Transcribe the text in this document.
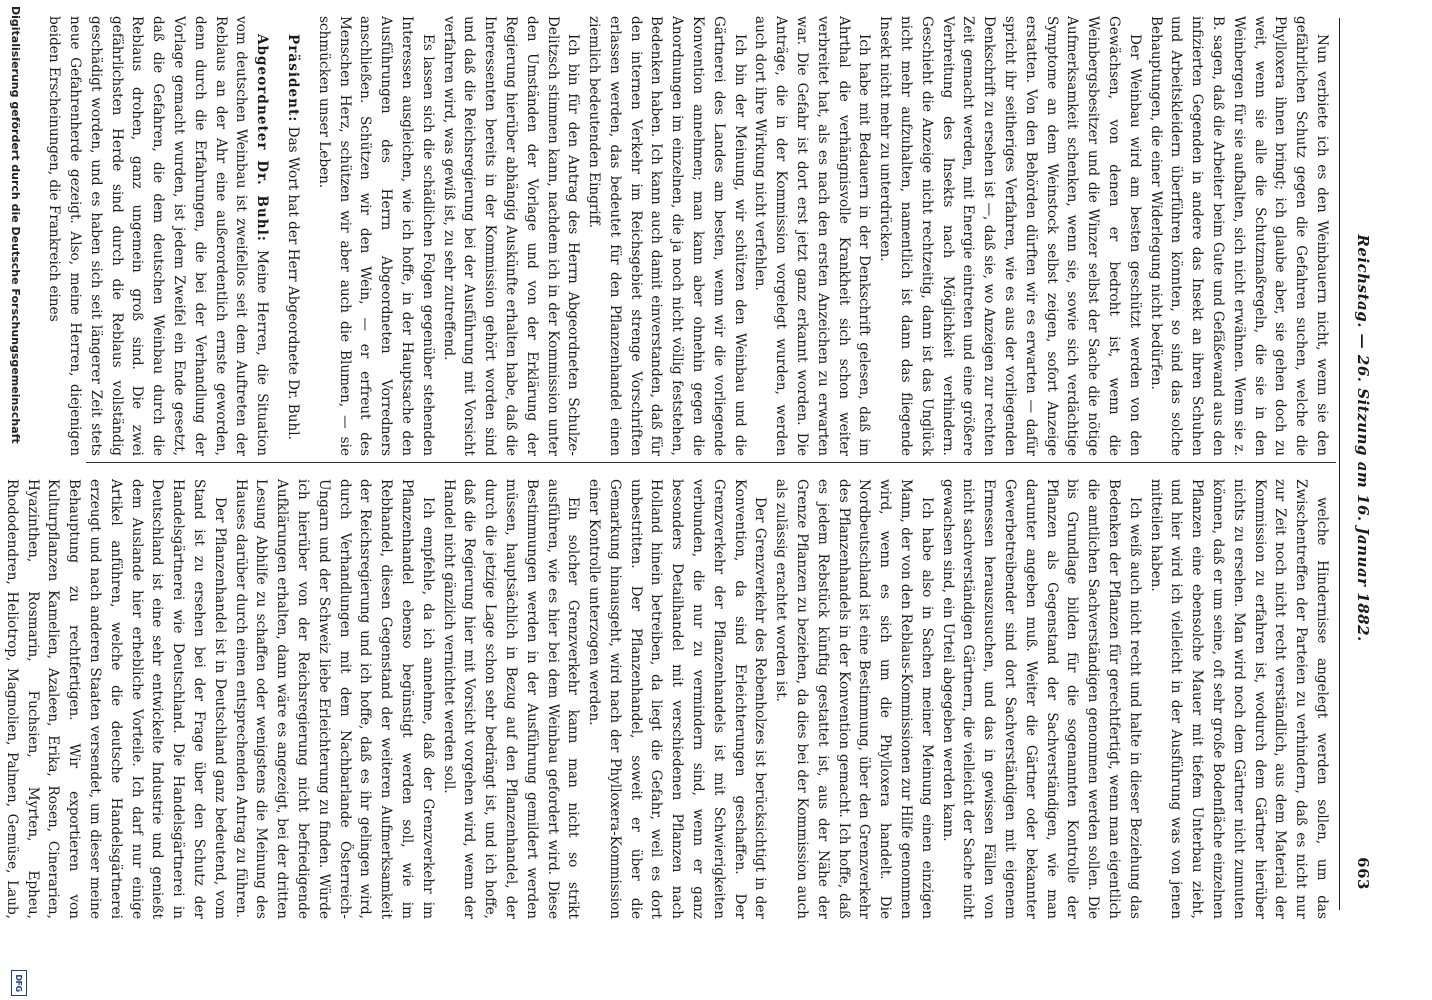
Reichstag. — 26. Sitzung am 16. Januar 1882.
663

Nun verbiete ich es den Weinbauern nicht, wenn sie den gefährlichen Schutz gegen die Gefahren suchen, welche die Phylloxera ihnen bringt; ich glaube aber, sie gehen doch zu weit, wenn sie alle die Schutzmaßregeln, die sie in den Weinbergen für sie aufbalten, sich nicht erwähnen. Wenn sie z. B. sagen, daß die Arbeiter beim Gute und Gefäßewand aus den infizierten Gegenden in andere das Insekt an ihren Schuhen und Arbeitskleidern überführen könnten, so sind das solche Behauptungen, die einer Widerlegung nicht bedürfen.

Der Weinbau wird am besten geschützt werden von den Gewächsen, von denen er bedroht ist, wenn die Weinbergsbesitzer und die Winzer selbst der Sache die nötige Aufmerksamkeit schenken, wenn sie, sowie sich verdächtige Symptome an dem Weinstock selbst zeigen, sofort Anzeige erstatten. Von den Behörden dürften wir es erwarten — dafür spricht ihr seitheriges Verfahren, wie es aus der vorliegenden Denkschrift zu ersehen ist —, daß sie, wo Anzeigen zur rechten Zeit gemacht werden, mit Energie eintreten und eine größere Verbreitung des Insekts nach Möglichkeit verhindern. Geschieht die Anzeige nicht rechtzeitig, dann ist das Unglück nicht mehr aufzuhalten, namentlich ist dann das fliegende Insekt nicht mehr zu unterdrücken.

Ich habe mit Bedauern in der Denkschrift gelesen, daß im Ahrthal die verhängnisvolle Krankheit sich schon weiter verbreitet hat, als es nach den ersten Anzeichen zu erwarten war. Die Gefahr ist dort erst jetzt ganz erkannt worden. Die Anträge, die in der Kommission vorgelegt wurden, werden auch dort ihre Wirkung nicht verfehlen.

Ich bin der Meinung, wir schützen den Weinbau und die Gärtnerei des Landes am besten, wenn wir die vorliegende Konvention annehmen; man kann aber ohnehin gegen die Anordnungen im einzelnen, die ja noch nicht völlig feststehen, Bedenken haben. Ich kann auch damit einverstanden, daß für den internen Verkehr im Reichsgebiet strenge Vorschriften erlassen werden, das bedeutet für den Pflanzenhandel einen ziemlich bedeutenden Eingriff.

Ich bin für den Antrag des Herrn Abgeordneten Schulze-Delitzsch stimmen kann, nachdem ich in der Kommission unter den Umständen der Vorlage und von der Erklärung der Regierung hierüber abhängig Auskünfte erhalten habe, daß die Interessenten bereits in der Kommission gehört worden sind und daß die Reichsregierung bei der Ausführung mit Vorsicht verfahren wird, was gewiß ist, zu sehr zutreffend.

Es lassen sich die schädlichen Folgen gegenüber stehenden Interessen ausgleichen, wie ich hoffe, in der Hauptsache den Ausführungen des Herrn Abgeordneten Vorredners anschließen. Schützen wir den Wein, — er erfreut des Menschen Herz, schützen wir aber auch die Blumen, — sie schmücken unser Leben.

Präsident: Das Wort hat der Herr Abgeordnete Dr. Buhl.

Abgeordneter Dr. Buhl: Meine Herren, die Situation vom deutschen Weinbau ist zweifellos seit dem Auftreten der Reblaus an der Ahr eine außerordentlich ernste geworden, denn durch die Erfahrungen, die bei der Verhandlung der Vorlage gemacht wurden, ist jedem Zweifel ein Ende gesetzt, daß die Gefahren, die dem deutschen Weinbau durch die Reblaus drohen, ganz ungemein groß sind. Die zwei gefährlichsten Herde sind durch die Reblaus vollständig geschädigt worden, und es haben sich seit längerer Zeit stets neue Gefahrenherde gezeigt. Also, meine Herren, diejenigen beiden Erscheinungen, die Frankreich eines

welche Hindernisse angelegt werden sollen, um das Zwischentreffen der Parteien zu verhindern, daß es nicht nur zur Zeit noch nicht recht verständlich, aus dem Material der Kommission zu erfahren ist, wodurch dem Gärtner hierüber nichts zu ersehen. Man wird noch dem Gärtner nicht zumuten können, daß er um seine, oft sehr große Bodenfläche einzelnen Pflanzen eine ebensolche Mauer mit tiefem Unterbau zieht, und hier wird ich vielleicht in der Ausführung was von jenen mitteilen haben.

Ich weiß auch nicht recht und halte in dieser Beziehung das Bedenken der Pflanzen für gerechtfertigt, wenn man eigentlich die amtlichen Sachverständigen genommen werden sollen. Die bis Grundlage bilden für die sogenannten Kontrolle der Pflanzen als Gegenstand der Sachverständigen, wie man darunter angeben muß. Weiter die Gärtner oder bekannter Gewerbetreibender sind dort Sachverständigen mit eigenem Ermessen herauszusuchen, und das in gewissen Fällen von nicht sachverständigen Gärtnern, die vielleicht der Sache nicht gewachsen sind, ein Urteil abgegeben werden kann.

Ich habe also in Sachen meiner Meinung einen einzigen Mann, der von den Reblaus-Kommissionen zur Hilfe genommen wird, wenn es sich um die Phylloxera handelt. Die Nordbeutschland ist eine Bestimmung, über den Grenzverkehr des Pflanzenhandels in der Konvention gemacht. Ich hoffe, daß es jedem Rebstück künftig gestattet ist, aus der Nähe der Grenze Pflanzen zu beziehen, da dies bei der Kommission auch als zulässig erachtet worden ist.

Der Grenzverkehr des Rebenholzes ist berücksichtigt in der Konvention, da sind Erleichterungen geschaffen. Der Grenzverkehr der Pflanzenhandels ist mit Schwierigkeiten verbunden, die nur zu vermindern sind, wenn er ganz besonders Detailhandel mit verschiedenen Pflanzen nach Holland hinein betreiben, da liegt die Gefahr, weil es dort unbestritten. Der Pflanzenhandel, soweit er über die Gemarkung hinausgeht, wird nach der Phylloxera-Kommission einer Kontrolle unterzogen werden.

Ein solcher Grenzverkehr kann man nicht so strikt ausführen, wie es hier bei dem Weinbau gefordert wird. Diese Bestimmungen werden in der Ausführung gemildert werden müssen, hauptsächlich in Bezug auf den Pflanzenhandel, der durch die jetzige Lage schon sehr bedrängt ist, und ich hoffe, daß die Regierung hier mit Vorsicht vorgehen wird, wenn der Handel nicht gänzlich vernichtet werden soll.

Ich empfehle, da ich annehme, daß der Grenzverkehr im Pflanzenhandel ebenso begünstigt werden soll, wie im Rebhandel, diesen Gegenstand der weiteren Aufmerksamkeit der Reichsregierung und ich hoffe, daß es ihr gelingen wird, durch Verhandlungen mit dem Nachbarlande Österreich-Ungarn und der Schweiz liebe Erleichterung zu finden. Würde ich hierüber von der Reichsregierung nicht befriedigende Aufklärungen erhalten, dann wäre es angezeigt, bei der dritten Lesung Abhilfe zu schaffen oder wenigstens die Meinung des Hauses darüber durch einen entsprechenden Antrag zu führen.

Der Pflanzenhandel ist in Deutschland ganz bedeutend, vom Stand ist zu ersehen bei der Frage über den Schutz der Handelsgärtnerei wie Deutschland. Die Handelsgärtnerei in Deutschland ist eine sehr entwickelte Industrie und genießt dem Auslande hier erhebliche Vorteile. Ich darf nur einige Artikel anführen, welche die deutsche Handelsgärtnerei erzeugt und nach anderen Staaten versendet, um dieser meine Behauptung zu rechtfertigen. Wir exportieren von Kulturpflanzen Kamelien, Azaleen, Erika, Rosen, Cinerarien, Hyazinthen, Rosmarin, Fuchsien, Myrten, Epheu, Rhododendren, Heliotrop, Magnolien, Palmen, Gemüse, Laub,

Digitalisierung gefördert durch die Deutsche Forschungsgemeinschaft
DFG
